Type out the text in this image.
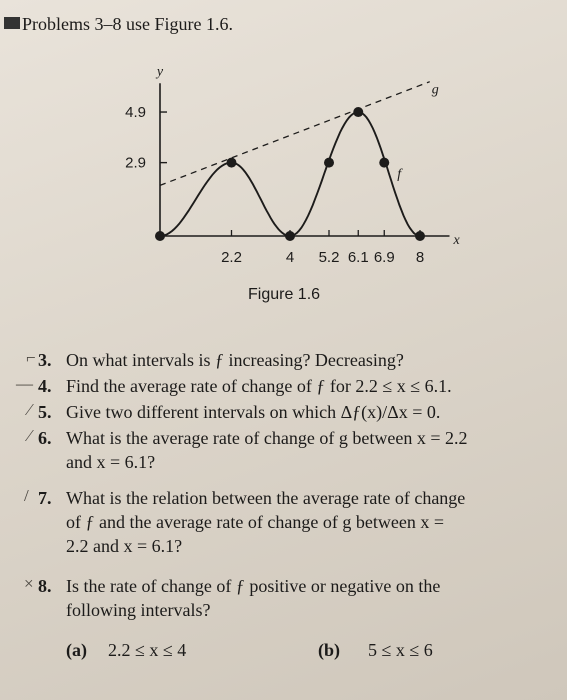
Problems 3–8 use Figure 1.6.
4.9
2.9
2.2	4 5.2 6.1 6.9 8
x
y
g
f
Figure 1.6
⌐ 3. On what intervals is ƒ increasing? Decreasing?
— 4. Find the average rate of change of ƒ for 2.2 ≤ x ≤ 6.1.
⁄ 5. Give two different intervals on which Δƒ(x)/Δx = 0.
⁄ 6. What is the average rate of change of g between x = 2.2
and x = 6.1?
/ 7. What is the relation between the average rate of change
of ƒ and the average rate of change of g between x =
2.2 and x = 6.1?
× 8. Is the rate of change of ƒ positive or negative on the
following intervals?
(a) 2.2 ≤ x ≤ 4	(b) 5 ≤ x ≤ 6
